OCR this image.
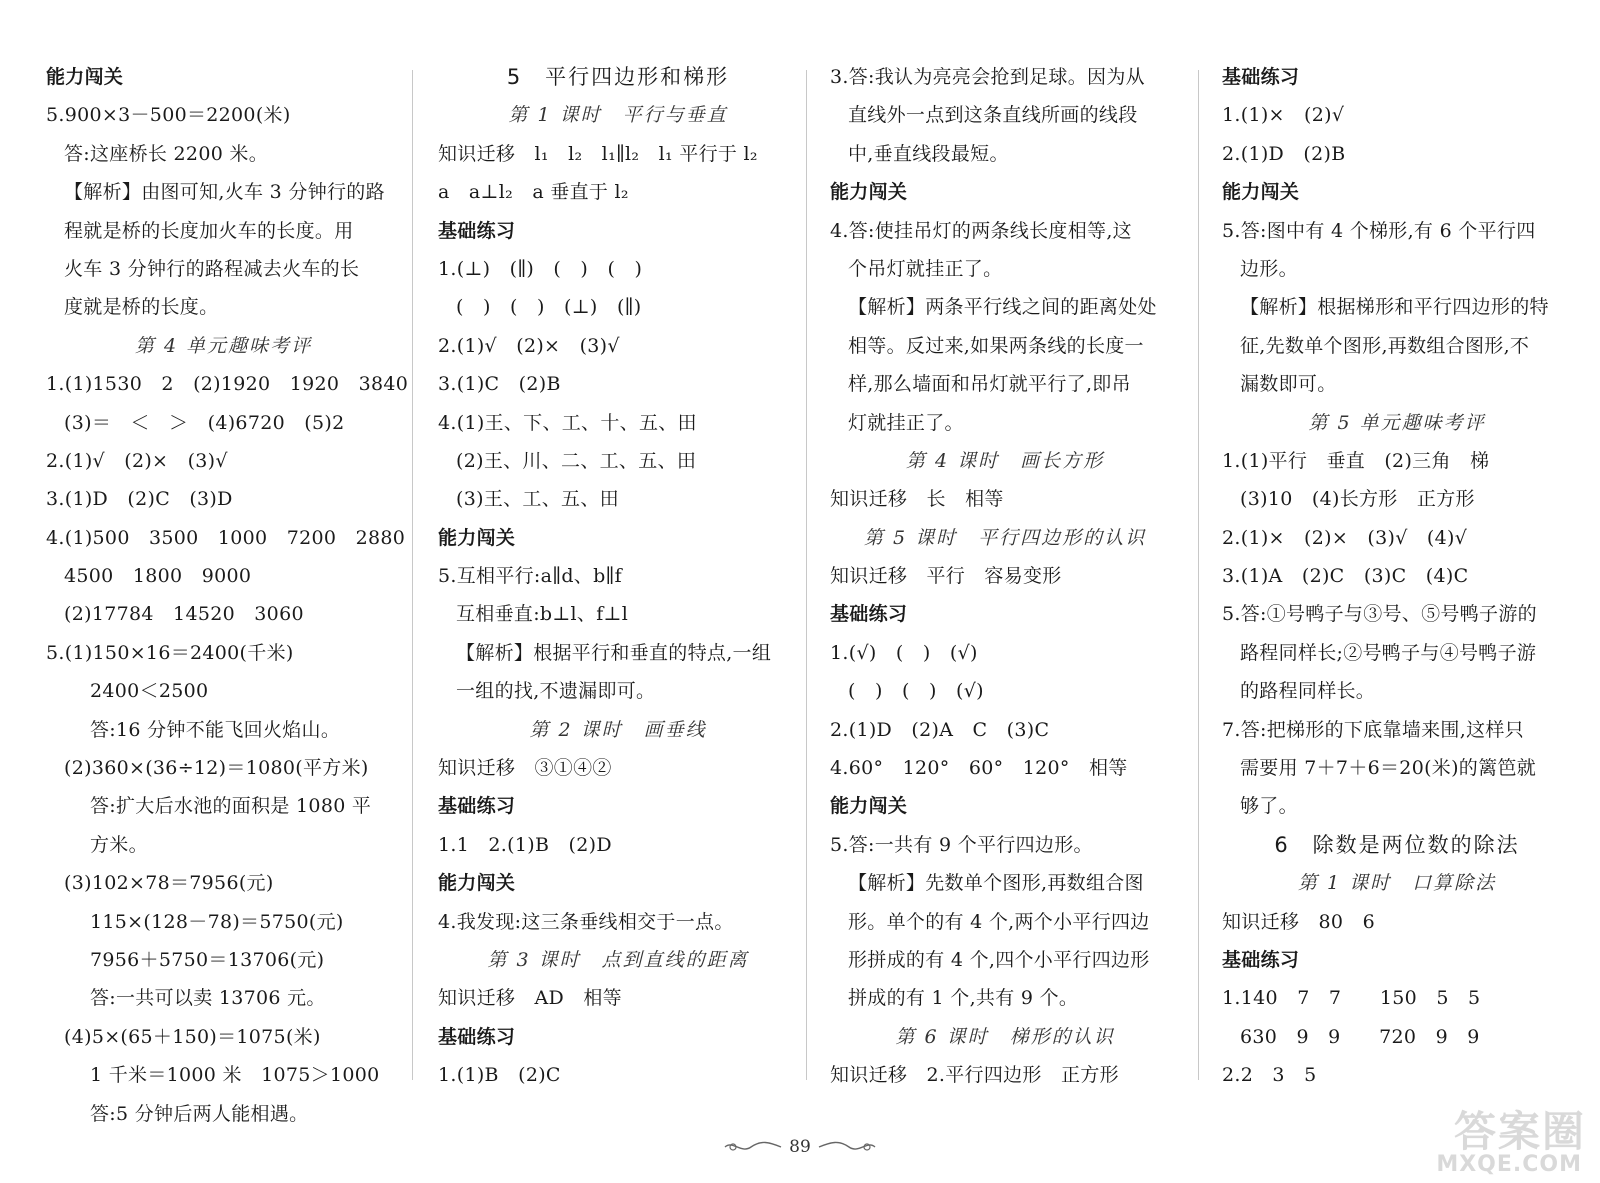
能力闯关
5.900×3－500＝2200(米)
答:这座桥长 2200 米。
【解析】由图可知,火车 3 分钟行的路
程就是桥的长度加火车的长度。用
火车 3 分钟行的路程减去火车的长
度就是桥的长度。
第 4 单元趣味考评
1.(1)1530　2　(2)1920　1920　3840
(3)＝　＜　＞　(4)6720　(5)2
2.(1)√　(2)×　(3)√
3.(1)D　(2)C　(3)D
4.(1)500　3500　1000　7200　2880
4500　1800　9000
(2)17784　14520　3060
5.(1)150×16＝2400(千米)
2400＜2500
答:16 分钟不能飞回火焰山。
(2)360×(36÷12)＝1080(平方米)
答:扩大后水池的面积是 1080 平
方米。
(3)102×78＝7956(元)
115×(128－78)＝5750(元)
7956＋5750＝13706(元)
答:一共可以卖 13706 元。
(4)5×(65＋150)＝1075(米)
1 千米＝1000 米　1075＞1000
答:5 分钟后两人能相遇。
5　平行四边形和梯形
第 1 课时　平行与垂直
知识迁移　l₁　l₂　l₁∥l₂　l₁ 平行于 l₂
a　a⊥l₂　a 垂直于 l₂
基础练习
1.(⊥)　(∥)　(　)　(　)
(　)　(　)　(⊥)　(∥)
2.(1)√　(2)×　(3)√
3.(1)C　(2)B
4.(1)王、下、工、十、五、田
(2)王、川、二、工、五、田
(3)王、工、五、田
能力闯关
5.互相平行:a∥d、b∥f
互相垂直:b⊥l、f⊥l
【解析】根据平行和垂直的特点,一组
一组的找,不遗漏即可。
第 2 课时　画垂线
知识迁移　③①④②
基础练习
1.1　2.(1)B　(2)D
能力闯关
4.我发现:这三条垂线相交于一点。
第 3 课时　点到直线的距离
知识迁移　AD　相等
基础练习
1.(1)B　(2)C
3.答:我认为亮亮会抢到足球。因为从
直线外一点到这条直线所画的线段
中,垂直线段最短。
能力闯关
4.答:使挂吊灯的两条线长度相等,这
个吊灯就挂正了。
【解析】两条平行线之间的距离处处
相等。反过来,如果两条线的长度一
样,那么墙面和吊灯就平行了,即吊
灯就挂正了。
第 4 课时　画长方形
知识迁移　长　相等
第 5 课时　平行四边形的认识
知识迁移　平行　容易变形
基础练习
1.(√)　(　)　(√)
(　)　(　)　(√)
2.(1)D　(2)A　C　(3)C
4.60°　120°　60°　120°　相等
能力闯关
5.答:一共有 9 个平行四边形。
【解析】先数单个图形,再数组合图
形。单个的有 4 个,两个小平行四边
形拼成的有 4 个,四个小平行四边形
拼成的有 1 个,共有 9 个。
第 6 课时　梯形的认识
知识迁移　2.平行四边形　正方形
基础练习
1.(1)×　(2)√
2.(1)D　(2)B
能力闯关
5.答:图中有 4 个梯形,有 6 个平行四
边形。
【解析】根据梯形和平行四边形的特
征,先数单个图形,再数组合图形,不
漏数即可。
第 5 单元趣味考评
1.(1)平行　垂直　(2)三角　梯
(3)10　(4)长方形　正方形
2.(1)×　(2)×　(3)√　(4)√
3.(1)A　(2)C　(3)C　(4)C
5.答:①号鸭子与③号、⑤号鸭子游的
路程同样长;②号鸭子与④号鸭子游
的路程同样长。
7.答:把梯形的下底靠墙来围,这样只
需要用 7＋7＋6＝20(米)的篱笆就
够了。
6　除数是两位数的除法
第 1 课时　口算除法
知识迁移　80　6
基础练习
1.140　7　7　　150　5　5
630　9　9　　720　9　9
2.2　3　5
89	答案圈
MXQE.COM
